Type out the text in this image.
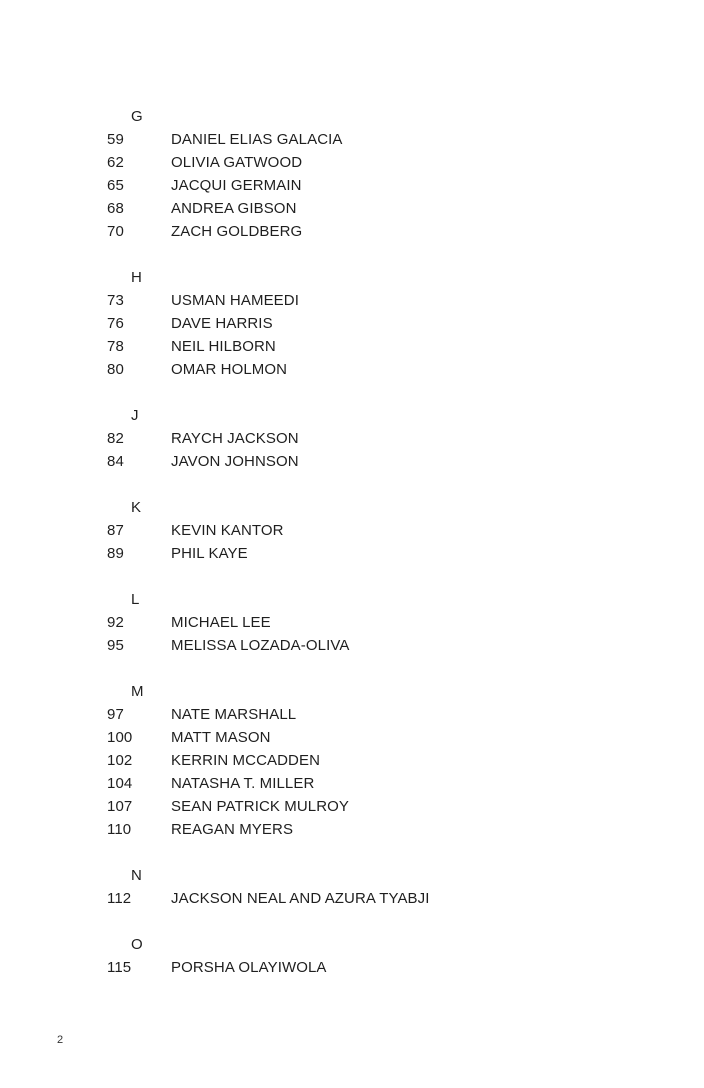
G
59	DANIEL ELIAS GALACIA
62	OLIVIA GATWOOD
65	JACQUI GERMAIN
68	ANDREA GIBSON
70	ZACH GOLDBERG
H
73	USMAN HAMEEDI
76	DAVE HARRIS
78	NEIL HILBORN
80	OMAR HOLMON
J
82	RAYCH JACKSON
84	JAVON JOHNSON
K
87	KEVIN KANTOR
89	PHIL KAYE
L
92	MICHAEL LEE
95	MELISSA LOZADA-OLIVA
M
97	NATE MARSHALL
100	MATT MASON
102	KERRIN MCCADDEN
104	NATASHA T. MILLER
107	SEAN PATRICK MULROY
110	REAGAN MYERS
N
112	JACKSON NEAL AND AZURA TYABJI
O
115	PORSHA OLAYIWOLA
2
